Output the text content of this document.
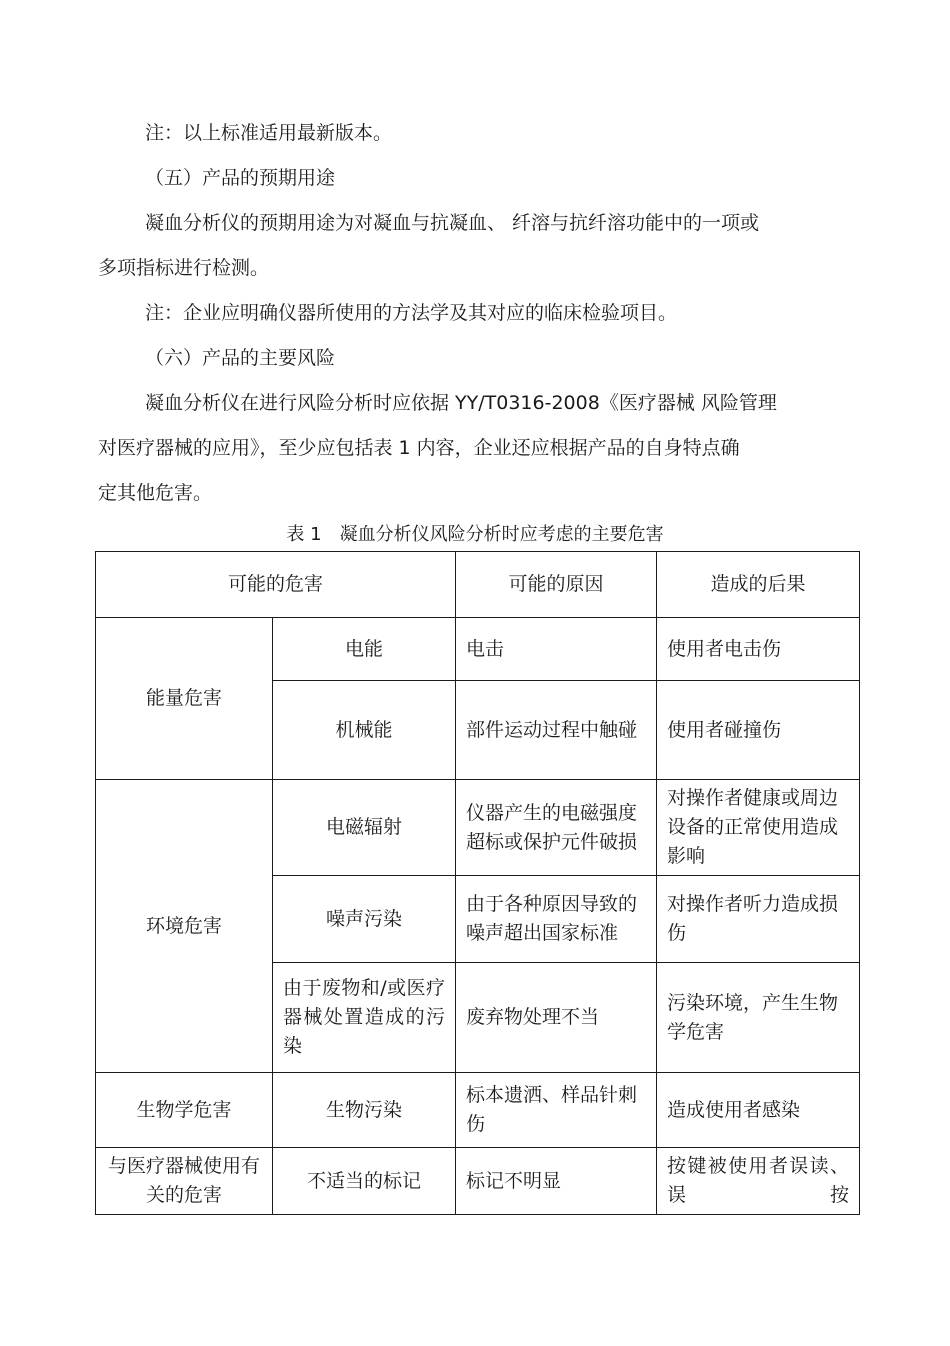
注：以上标准适用最新版本。

（五）产品的预期用途

凝血分析仪的预期用途为对凝血与抗凝血、 纤溶与抗纤溶功能中的一项或

多项指标进行检测。

注：企业应明确仪器所使用的方法学及其对应的临床检验项目。

（六）产品的主要风险

凝血分析仪在进行风险分析时应依据 YY/T0316-2008《医疗器械 风险管理

对医疗器械的应用》，至少应包括表 1 内容，企业还应根据产品的自身特点确

定其他危害。

表 1　凝血分析仪风险分析时应考虑的主要危害
可能的危害		可能的原因	造成的后果
能量危害	电能	电击	使用者电击伤
	机械能	部件运动过程中触碰	使用者碰撞伤
环境危害	电磁辐射	仪器产生的电磁强度超标或保护元件破损	对操作者健康或周边设备的正常使用造成影响
	噪声污染	由于各种原因导致的噪声超出国家标准	对操作者听力造成损伤
	由于废物和/或医疗器械处置造成的污染	废弃物处理不当	污染环境，产生生物学危害
生物学危害	生物污染	标本遗洒、样品针刺伤	造成使用者感染
与医疗器械使用有关的危害	不适当的标记	标记不明显	按键被使用者误读、误按
